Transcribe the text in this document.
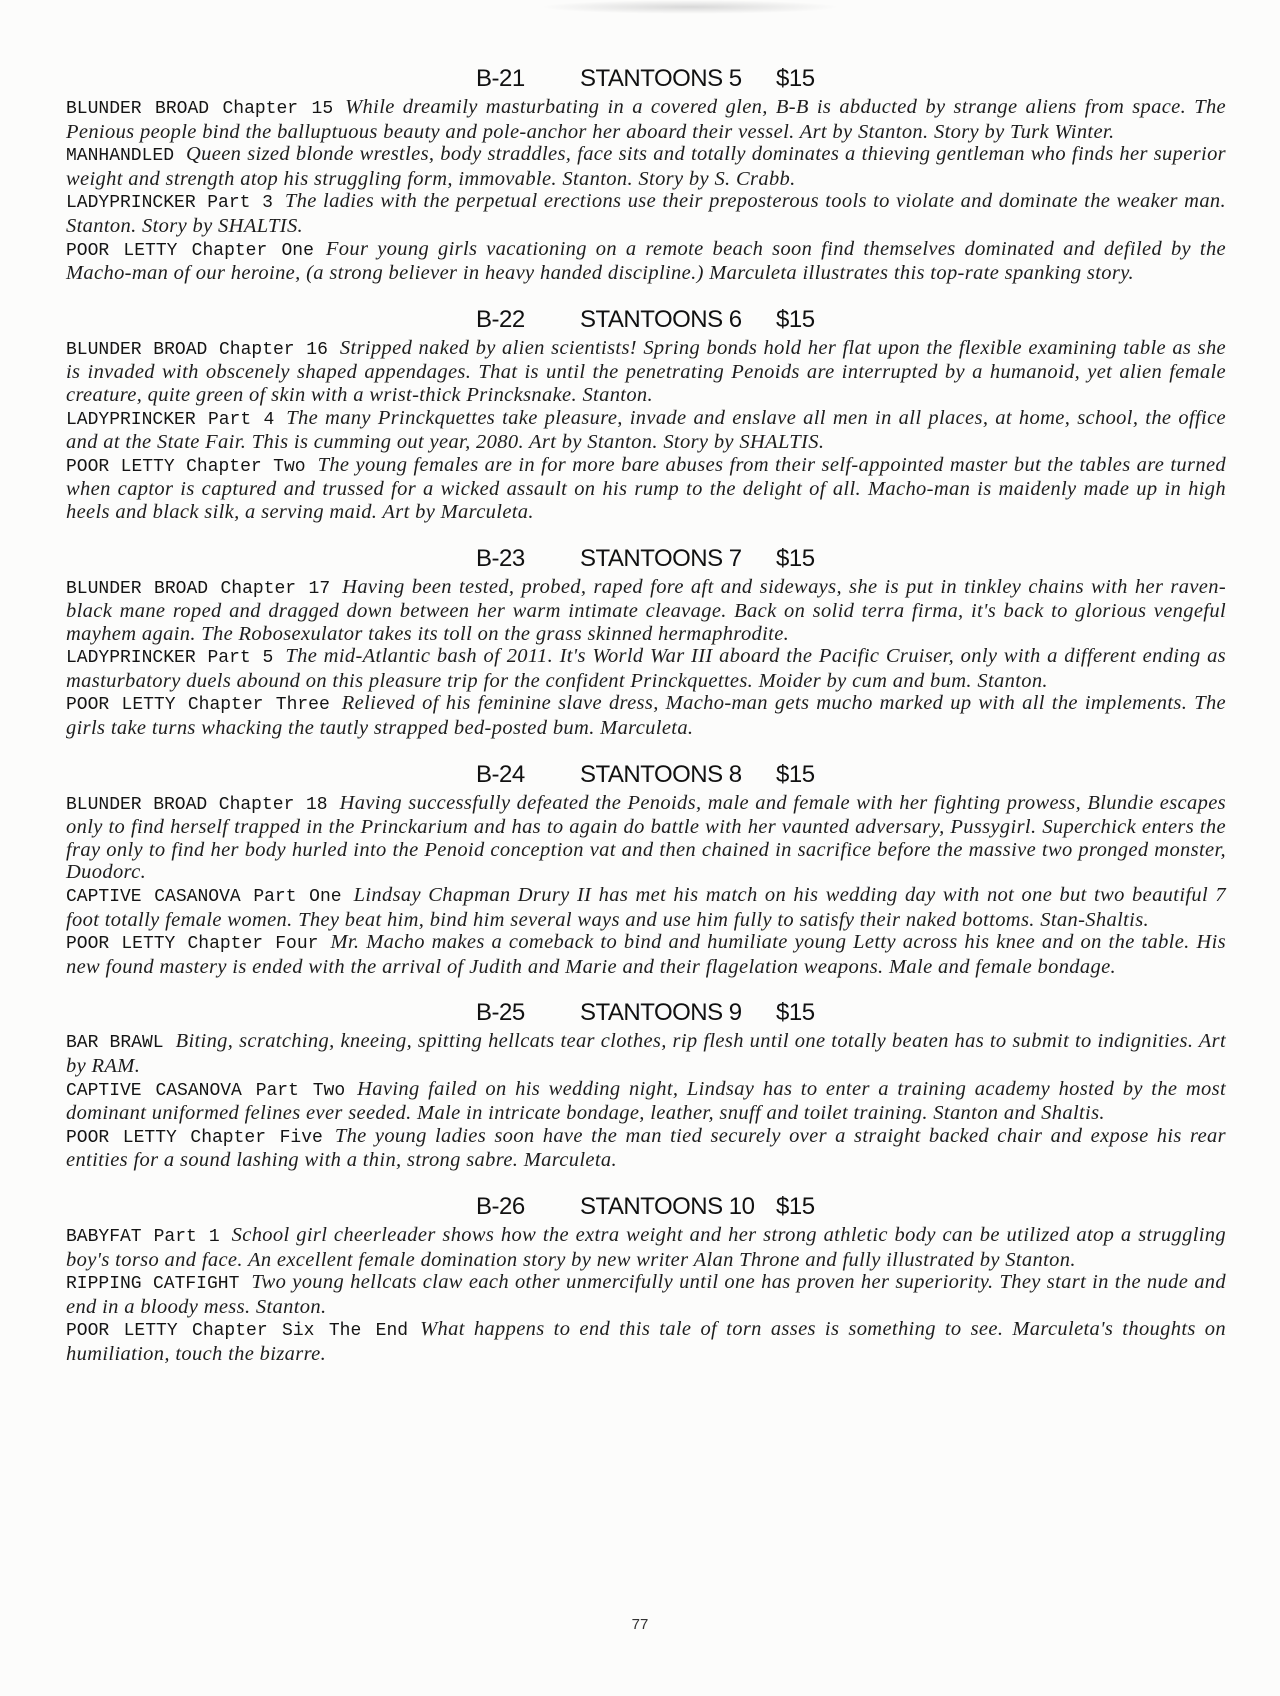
B-21 STANTOONS 5 $15
BLUNDER BROAD Chapter 15 While dreamily masturbating in a covered glen, B-B is abducted by strange aliens from space. The Penious people bind the balluptuous beauty and pole-anchor her aboard their vessel. Art by Stanton. Story by Turk Winter.
MANHANDLED Queen sized blonde wrestles, body straddles, face sits and totally dominates a thieving gentleman who finds her superior weight and strength atop his struggling form, immovable. Stanton. Story by S. Crabb.
LADYPRINCKER Part 3 The ladies with the perpetual erections use their preposterous tools to violate and dominate the weaker man. Stanton. Story by SHALTIS.
POOR LETTY Chapter One Four young girls vacationing on a remote beach soon find themselves dominated and defiled by the Macho-man of our heroine, (a strong believer in heavy handed discipline.) Marculeta illustrates this top-rate spanking story.
B-22 STANTOONS 6 $15
BLUNDER BROAD Chapter 16 Stripped naked by alien scientists! Spring bonds hold her flat upon the flexible examining table as she is invaded with obscenely shaped appendages. That is until the penetrating Penoids are interrupted by a humanoid, yet alien female creature, quite green of skin with a wrist-thick Princksnake. Stanton.
LADYPRINCKER Part 4 The many Princkquettes take pleasure, invade and enslave all men in all places, at home, school, the office and at the State Fair. This is cumming out year, 2080. Art by Stanton. Story by SHALTIS.
POOR LETTY Chapter Two The young females are in for more bare abuses from their self-appointed master but the tables are turned when captor is captured and trussed for a wicked assault on his rump to the delight of all. Macho-man is maidenly made up in high heels and black silk, a serving maid. Art by Marculeta.
B-23 STANTOONS 7 $15
BLUNDER BROAD Chapter 17 Having been tested, probed, raped fore aft and sideways, she is put in tinkley chains with her raven-black mane roped and dragged down between her warm intimate cleavage. Back on solid terra firma, it's back to glorious vengeful mayhem again. The Robosexulator takes its toll on the grass skinned hermaphrodite.
LADYPRINCKER Part 5 The mid-Atlantic bash of 2011. It's World War III aboard the Pacific Cruiser, only with a different ending as masturbatory duels abound on this pleasure trip for the confident Princkquettes. Moider by cum and bum. Stanton.
POOR LETTY Chapter Three Relieved of his feminine slave dress, Macho-man gets mucho marked up with all the implements. The girls take turns whacking the tautly strapped bed-posted bum. Marculeta.
B-24 STANTOONS 8 $15
BLUNDER BROAD Chapter 18 Having successfully defeated the Penoids, male and female with her fighting prowess, Blundie escapes only to find herself trapped in the Princkarium and has to again do battle with her vaunted adversary, Pussygirl. Superchick enters the fray only to find her body hurled into the Penoid conception vat and then chained in sacrifice before the massive two pronged monster, Duodorc.
CAPTIVE CASANOVA Part One Lindsay Chapman Drury II has met his match on his wedding day with not one but two beautiful 7 foot totally female women. They beat him, bind him several ways and use him fully to satisfy their naked bottoms. Stan-Shaltis.
POOR LETTY Chapter Four Mr. Macho makes a comeback to bind and humiliate young Letty across his knee and on the table. His new found mastery is ended with the arrival of Judith and Marie and their flagelation weapons. Male and female bondage.
B-25 STANTOONS 9 $15
BAR BRAWL Biting, scratching, kneeing, spitting hellcats tear clothes, rip flesh until one totally beaten has to submit to indignities. Art by RAM.
CAPTIVE CASANOVA Part Two Having failed on his wedding night, Lindsay has to enter a training academy hosted by the most dominant uniformed felines ever seeded. Male in intricate bondage, leather, snuff and toilet training. Stanton and Shaltis.
POOR LETTY Chapter Five The young ladies soon have the man tied securely over a straight backed chair and expose his rear entities for a sound lashing with a thin, strong sabre. Marculeta.
B-26 STANTOONS 10 $15
BABYFAT Part 1 School girl cheerleader shows how the extra weight and her strong athletic body can be utilized atop a struggling boy's torso and face. An excellent female domination story by new writer Alan Throne and fully illustrated by Stanton.
RIPPING CATFIGHT Two young hellcats claw each other unmercifully until one has proven her superiority. They start in the nude and end in a bloody mess. Stanton.
POOR LETTY Chapter Six The End What happens to end this tale of torn asses is something to see. Marculeta's thoughts on humiliation, touch the bizarre.
77
